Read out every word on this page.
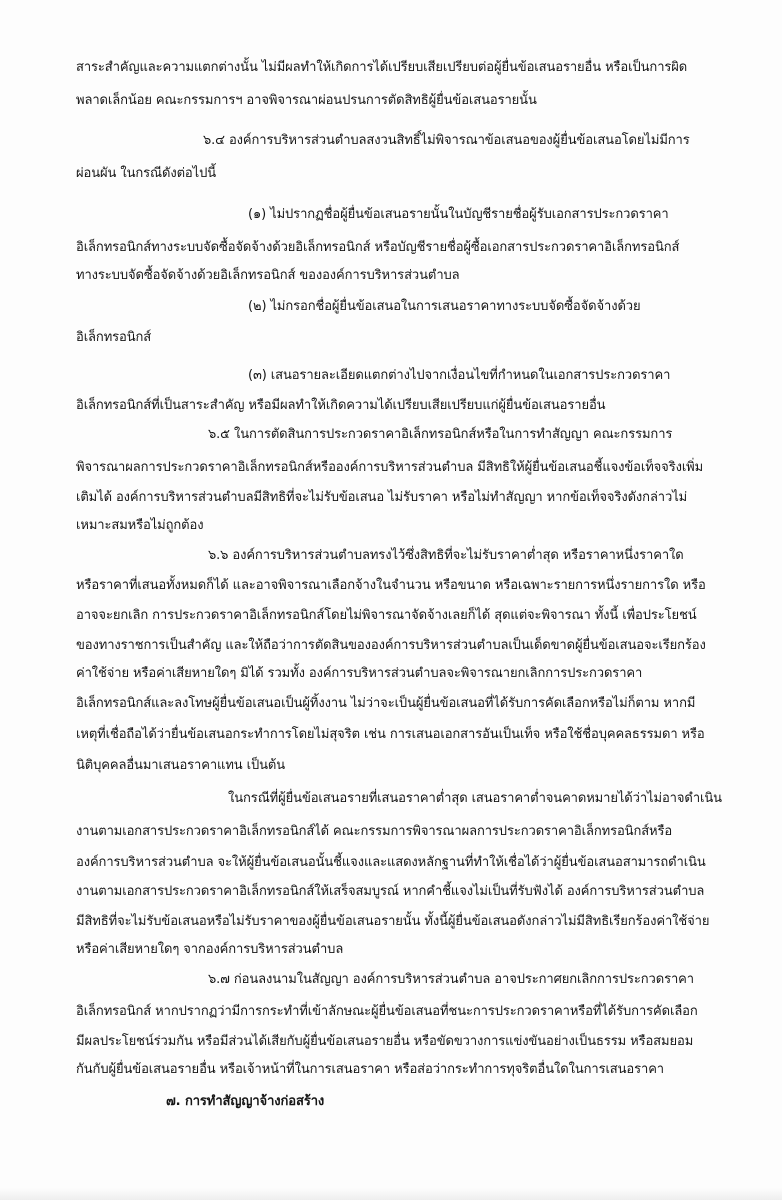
สาระสำคัญและความแตกต่างนั้น ไม่มีผลทำให้เกิดการได้เปรียบเสียเปรียบต่อผู้ยื่นข้อเสนอรายอื่น หรือเป็นการผิด
พลาดเล็กน้อย คณะกรรมการฯ อาจพิจารณาผ่อนปรนการตัดสิทธิผู้ยื่นข้อเสนอรายนั้น
๖.๔ องค์การบริหารส่วนตำบลสงวนสิทธิ์ไม่พิจารณาข้อเสนอของผู้ยื่นข้อเสนอโดยไม่มีการ
ผ่อนผัน ในกรณีดังต่อไปนี้
(๑) ไม่ปรากฏชื่อผู้ยื่นข้อเสนอรายนั้นในบัญชีรายชื่อผู้รับเอกสารประกวดราคา
อิเล็กทรอนิกส์ทางระบบจัดซื้อจัดจ้างด้วยอิเล็กทรอนิกส์ หรือบัญชีรายชื่อผู้ซื้อเอกสารประกวดราคาอิเล็กทรอนิกส์
ทางระบบจัดซื้อจัดจ้างด้วยอิเล็กทรอนิกส์ ขององค์การบริหารส่วนตำบล
(๒) ไม่กรอกชื่อผู้ยื่นข้อเสนอในการเสนอราคาทางระบบจัดซื้อจัดจ้างด้วย
อิเล็กทรอนิกส์
(๓) เสนอรายละเอียดแตกต่างไปจากเงื่อนไขที่กำหนดในเอกสารประกวดราคา
อิเล็กทรอนิกส์ที่เป็นสาระสำคัญ หรือมีผลทำให้เกิดความได้เปรียบเสียเปรียบแก่ผู้ยื่นข้อเสนอรายอื่น
๖.๕ ในการตัดสินการประกวดราคาอิเล็กทรอนิกส์หรือในการทำสัญญา คณะกรรมการ
พิจารณาผลการประกวดราคาอิเล็กทรอนิกส์หรือองค์การบริหารส่วนตำบล มีสิทธิให้ผู้ยื่นข้อเสนอชี้แจงข้อเท็จจริงเพิ่ม
เติมได้ องค์การบริหารส่วนตำบลมีสิทธิที่จะไม่รับข้อเสนอ ไม่รับราคา หรือไม่ทำสัญญา หากข้อเท็จจริงดังกล่าวไม่
เหมาะสมหรือไม่ถูกต้อง
๖.๖ องค์การบริหารส่วนตำบลทรงไว้ซึ่งสิทธิที่จะไม่รับราคาต่ำสุด หรือราคาหนึ่งราคาใด
หรือราคาที่เสนอทั้งหมดก็ได้ และอาจพิจารณาเลือกจ้างในจำนวน หรือขนาด หรือเฉพาะรายการหนึ่งรายการใด หรือ
อาจจะยกเลิก การประกวดราคาอิเล็กทรอนิกส์โดยไม่พิจารณาจัดจ้างเลยก็ได้ สุดแต่จะพิจารณา ทั้งนี้ เพื่อประโยชน์
ของทางราชการเป็นสำคัญ และให้ถือว่าการตัดสินขององค์การบริหารส่วนตำบลเป็นเด็ดขาดผู้ยื่นข้อเสนอจะเรียกร้อง
ค่าใช้จ่าย หรือค่าเสียหายใดๆ มิได้ รวมทั้ง องค์การบริหารส่วนตำบลจะพิจารณายกเลิกการประกวดราคา
อิเล็กทรอนิกส์และลงโทษผู้ยื่นข้อเสนอเป็นผู้ทิ้งงาน ไม่ว่าจะเป็นผู้ยื่นข้อเสนอที่ได้รับการคัดเลือกหรือไม่ก็ตาม หากมี
เหตุที่เชื่อถือได้ว่ายื่นข้อเสนอกระทำการโดยไม่สุจริต เช่น การเสนอเอกสารอันเป็นเท็จ หรือใช้ชื่อบุคคลธรรมดา หรือ
นิติบุคคลอื่นมาเสนอราคาแทน เป็นต้น
ในกรณีที่ผู้ยื่นข้อเสนอรายที่เสนอราคาต่ำสุด เสนอราคาต่ำจนคาดหมายได้ว่าไม่อาจดำเนิน
งานตามเอกสารประกวดราคาอิเล็กทรอนิกส์ได้ คณะกรรมการพิจารณาผลการประกวดราคาอิเล็กทรอนิกส์หรือ
องค์การบริหารส่วนตำบล จะให้ผู้ยื่นข้อเสนอนั้นชี้แจงและแสดงหลักฐานที่ทำให้เชื่อได้ว่าผู้ยื่นข้อเสนอสามารถดำเนิน
งานตามเอกสารประกวดราคาอิเล็กทรอนิกส์ให้เสร็จสมบูรณ์ หากคำชี้แจงไม่เป็นที่รับฟังได้ องค์การบริหารส่วนตำบล
มีสิทธิที่จะไม่รับข้อเสนอหรือไม่รับราคาของผู้ยื่นข้อเสนอรายนั้น ทั้งนี้ผู้ยื่นข้อเสนอดังกล่าวไม่มีสิทธิเรียกร้องค่าใช้จ่าย
หรือค่าเสียหายใดๆ จากองค์การบริหารส่วนตำบล
๖.๗ ก่อนลงนามในสัญญา องค์การบริหารส่วนตำบล อาจประกาศยกเลิกการประกวดราคา
อิเล็กทรอนิกส์ หากปรากฏว่ามีการกระทำที่เข้าลักษณะผู้ยื่นข้อเสนอที่ชนะการประกวดราคาหรือที่ได้รับการคัดเลือก
มีผลประโยชน์ร่วมกัน หรือมีส่วนได้เสียกับผู้ยื่นข้อเสนอรายอื่น หรือขัดขวางการแข่งขันอย่างเป็นธรรม หรือสมยอม
กันกับผู้ยื่นข้อเสนอรายอื่น หรือเจ้าหน้าที่ในการเสนอราคา หรือส่อว่ากระทำการทุจริตอื่นใดในการเสนอราคา
๗. การทำสัญญาจ้างก่อสร้าง
